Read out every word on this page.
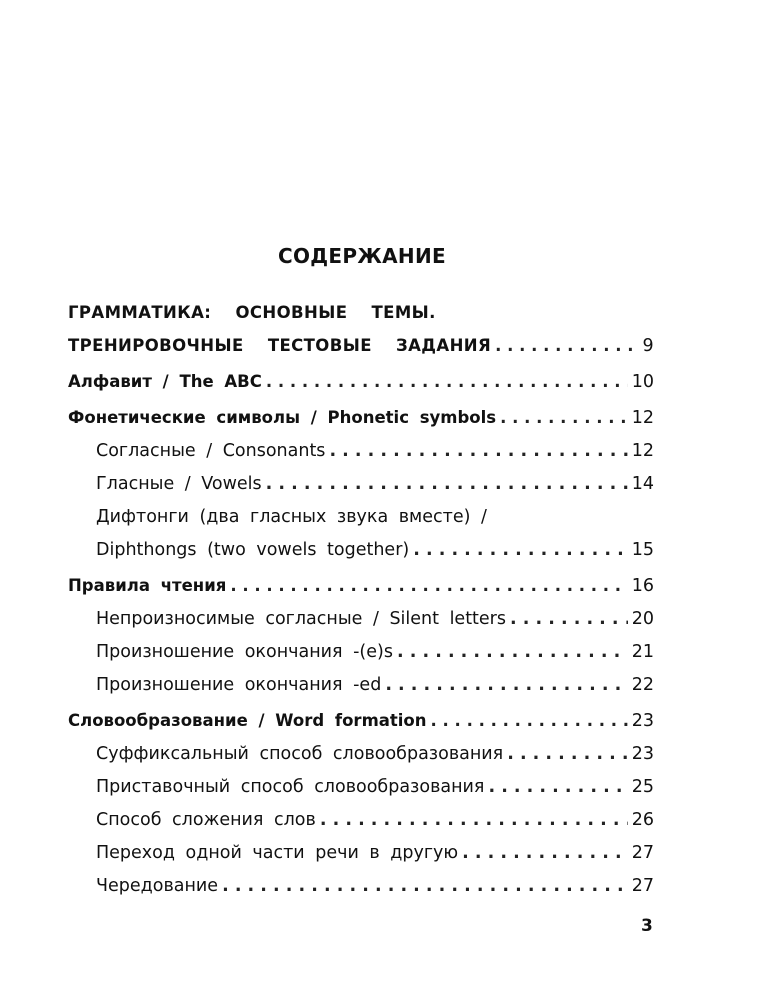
СОДЕРЖАНИЕ
ГРАММАТИКА: ОСНОВНЫЕ ТЕМЫ.
ТРЕНИРОВОЧНЫЕ ТЕСТОВЫЕ ЗАДАНИЯ . . .	9
Алфавит / The ABC . . .	10
Фонетические символы / Phonetic symbols . . .	12
Согласные / Consonants . . .	12
Гласные / Vowels . . .	14
Дифтонги (два гласных звука вместе) /
Diphthongs (two vowels together) . . .	15
Правила чтения . . .	16
Непроизносимые согласные / Silent letters . . .	20
Произношение окончания -(e)s . . .	21
Произношение окончания -ed . . .	22
Словообразование / Word formation . . .	23
Суффиксальный способ словообразования . . .	23
Приставочный способ словообразования . . .	25
Способ сложения слов . . .	26
Переход одной части речи в другую . . .	27
Чередование . . .	27
3
